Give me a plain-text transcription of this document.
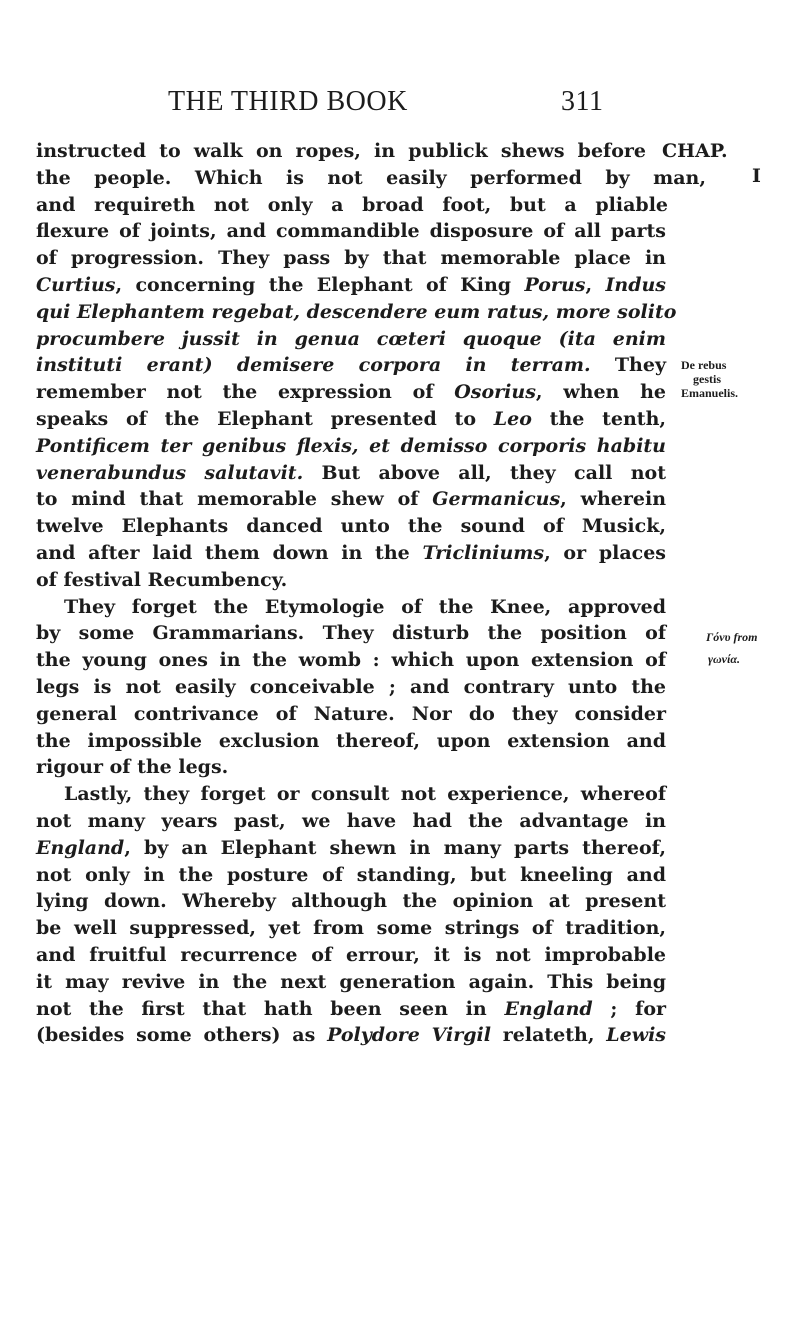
THE THIRD BOOK	311
CHAP.
I
De rebus
gestis
Emanuelis.
Γόνυ from
γωνία.
instructed to walk on ropes, in publick shews before
the people. Which is not easily performed by man,
and requireth not only a broad foot, but a pliable
flexure of joints, and commandible disposure of all parts
of progression. They pass by that memorable place in
Curtius, concerning the Elephant of King Porus, Indus
qui Elephantem regebat, descendere eum ratus, more solito
procumbere jussit in genua cœteri quoque (ita enim
instituti erant) demisere corpora in terram. They
remember not the expression of Osorius, when he
speaks of the Elephant presented to Leo the tenth,
Pontificem ter genibus flexis, et demisso corporis habitu
venerabundus salutavit. But above all, they call not
to mind that memorable shew of Germanicus, wherein
twelve Elephants danced unto the sound of Musick,
and after laid them down in the Tricliniums, or places
of festival Recumbency.
They forget the Etymologie of the Knee, approved
by some Grammarians. They disturb the position of
the young ones in the womb : which upon extension of
legs is not easily conceivable ; and contrary unto the
general contrivance of Nature. Nor do they consider
the impossible exclusion thereof, upon extension and
rigour of the legs.
Lastly, they forget or consult not experience, whereof
not many years past, we have had the advantage in
England, by an Elephant shewn in many parts thereof,
not only in the posture of standing, but kneeling and
lying down. Whereby although the opinion at present
be well suppressed, yet from some strings of tradition,
and fruitful recurrence of errour, it is not improbable
it may revive in the next generation again. This being
not the first that hath been seen in England ; for
(besides some others) as Polydore Virgil relateth, Lewis
